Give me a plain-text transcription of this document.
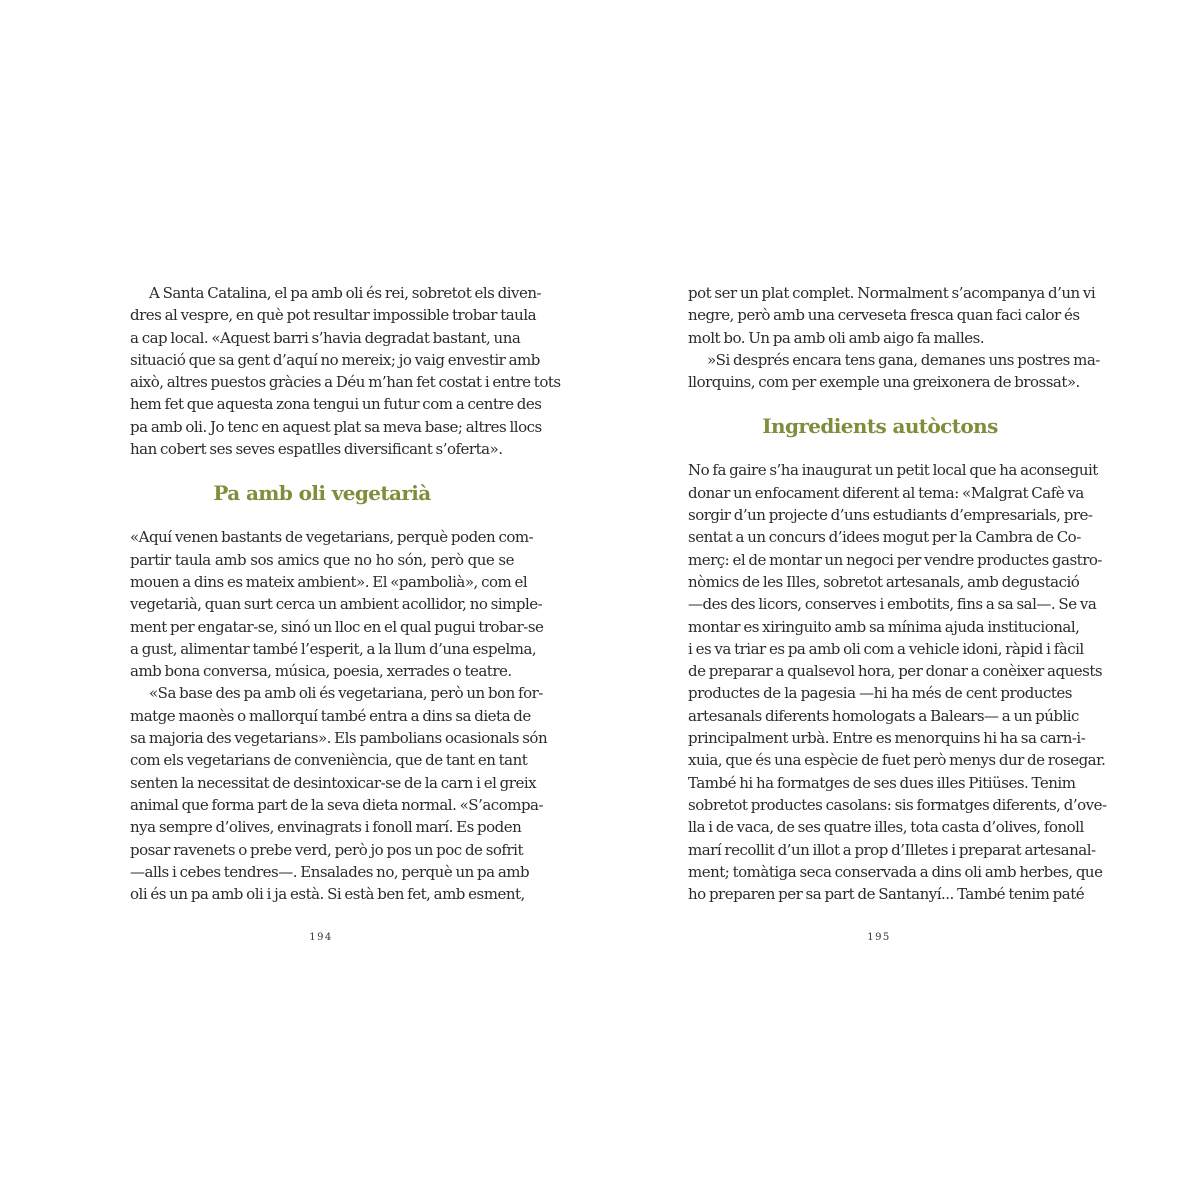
A Santa Catalina, el pa amb oli és rei, sobretot els diven-
dres al vespre, en què pot resultar impossible trobar taula
a cap local. «Aquest barri s’havia degradat bastant, una
situació que sa gent d’aquí no mereix; jo vaig envestir amb
això, altres puestos gràcies a Déu m’han fet costat i entre tots
hem fet que aquesta zona tengui un futur com a centre des
pa amb oli. Jo tenc en aquest plat sa meva base; altres llocs
han cobert ses seves espatlles diversificant s’oferta».
Pa amb oli vegetarià
«Aquí venen bastants de vegetarians, perquè poden com-
partir taula amb sos amics que no ho són, però que se
mouen a dins es mateix ambient». El «pambolià», com el
vegetarià, quan surt cerca un ambient acollidor, no simple-
ment per engatar-se, sinó un lloc en el qual pugui trobar-se
a gust, alimentar també l’esperit, a la llum d’una espelma,
amb bona conversa, música, poesia, xerrades o teatre.
«Sa base des pa amb oli és vegetariana, però un bon for-
matge maonès o mallorquí també entra a dins sa dieta de
sa majoria des vegetarians». Els pambolians ocasionals són
com els vegetarians de conveniència, que de tant en tant
senten la necessitat de desintoxicar-se de la carn i el greix
animal que forma part de la seva dieta normal. «S’acompa-
nya sempre d’olives, envinagrats i fonoll marí. Es poden
posar ravenets o prebe verd, però jo pos un poc de sofrit
—alls i cebes tendres—. Ensalades no, perquè un pa amb
oli és un pa amb oli i ja està. Si està ben fet, amb esment,
194
pot ser un plat complet. Normalment s’acompanya d’un vi
negre, però amb una cerveseta fresca quan faci calor és
molt bo. Un pa amb oli amb aigo fa malles.
»Si després encara tens gana, demanes uns postres ma-
llorquins, com per exemple una greixonera de brossat».
Ingredients autòctons
No fa gaire s’ha inaugurat un petit local que ha aconseguit
donar un enfocament diferent al tema: «Malgrat Cafè va
sorgir d’un projecte d’uns estudiants d’empresarials, pre-
sentat a un concurs d’idees mogut per la Cambra de Co-
merç: el de montar un negoci per vendre productes gastro-
nòmics de les Illes, sobretot artesanals, amb degustació
—des des licors, conserves i embotits, fins a sa sal—. Se va
montar es xiringuito amb sa mínima ajuda institucional,
i es va triar es pa amb oli com a vehicle idoni, ràpid i fàcil
de preparar a qualsevol hora, per donar a conèixer aquests
productes de la pagesia —hi ha més de cent productes
artesanals diferents homologats a Balears— a un públic
principalment urbà. Entre es menorquins hi ha sa carn-i-
xuia, que és una espècie de fuet però menys dur de rosegar.
També hi ha formatges de ses dues illes Pitiüses. Tenim
sobretot productes casolans: sis formatges diferents, d’ove-
lla i de vaca, de ses quatre illes, tota casta d’olives, fonoll
marí recollit d’un illot a prop d’Illetes i preparat artesanal-
ment; tomàtiga seca conservada a dins oli amb herbes, que
ho preparen per sa part de Santanyí... També tenim paté
195
